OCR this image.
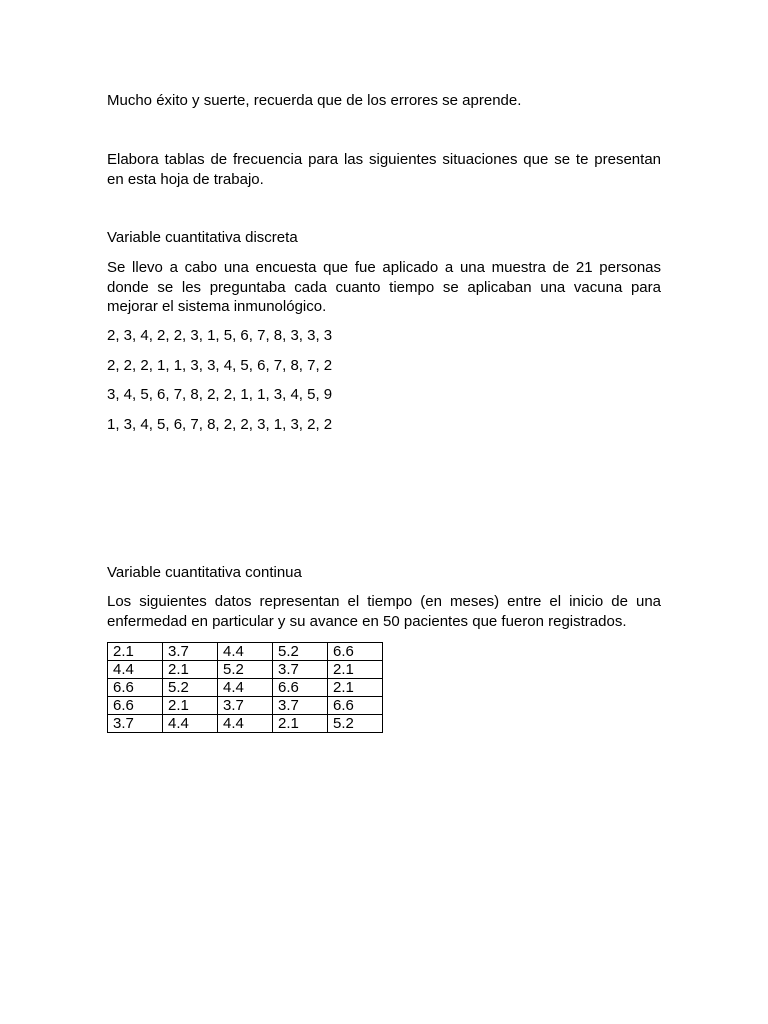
Mucho éxito y suerte, recuerda que de los errores se aprende.

Elabora tablas de frecuencia para las siguientes situaciones que se te presentan en esta hoja de trabajo.

Variable cuantitativa discreta

Se llevo a cabo una encuesta que fue aplicado a una muestra de 21 personas donde se les preguntaba cada cuanto tiempo se aplicaban una vacuna para mejorar el sistema inmunológico.

2, 3, 4, 2, 2, 3, 1, 5, 6, 7, 8, 3, 3, 3

2, 2, 2, 1, 1, 3, 3, 4, 5, 6, 7, 8, 7, 2

3, 4, 5, 6, 7, 8, 2, 2, 1, 1, 3, 4, 5, 9

1, 3, 4, 5, 6, 7, 8, 2, 2, 3, 1, 3, 2, 2

Variable cuantitativa continua

Los siguientes datos representan el tiempo (en meses) entre el inicio de una enfermedad en particular y su avance en 50 pacientes que fueron registrados.

2.1	3.7	4.4	5.2	6.6
4.4	2.1	5.2	3.7	2.1
6.6	5.2	4.4	6.6	2.1
6.6	2.1	3.7	3.7	6.6
3.7	4.4	4.4	2.1	5.2
